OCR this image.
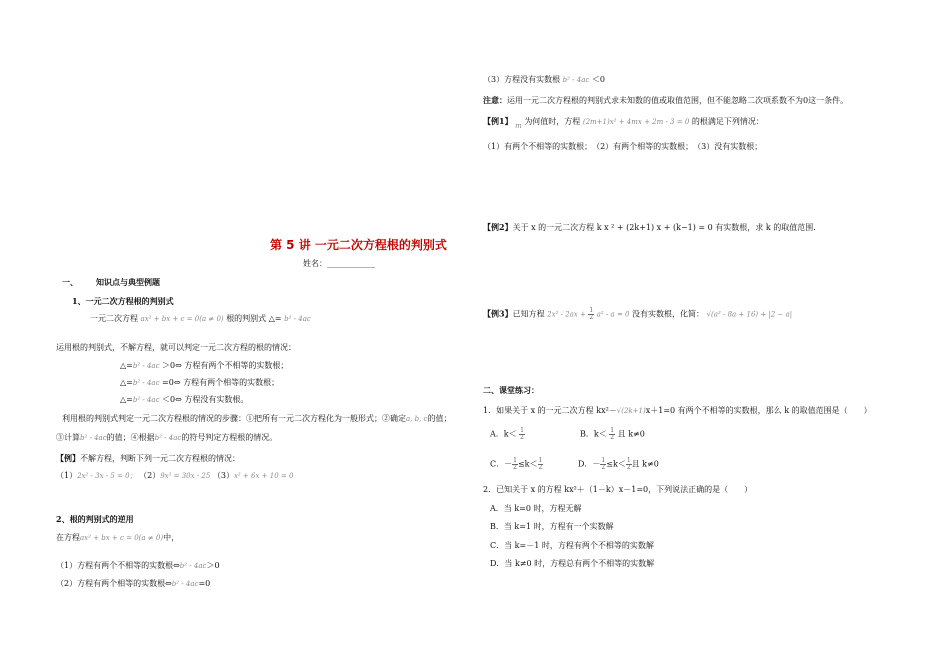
（3）方程没有实数根 b² - 4ac ＜0
注意：运用一元二次方程根的判别式求未知数的值或取值范围，但不能忽略二次项系数不为0这一条件。
【例1】 m 为何值时，方程 (2m+1)x² + 4mx + 2m - 3 = 0 的根满足下列情况：
（1）有两个不相等的实数根；　（2）有两个相等的实数根；　（3）没有实数根；
【例2】关于 x 的一元二次方程 k x ² + (2k+1) x + (k−1) = 0 有实数根，求 k 的取值范围.
【例3】已知方程 $2x^2 - 2ax + \frac{1}{2} a^2 - a = 0$ 没有实数根，化简： √(a² - 8a + 16) + |2 − a|
二、课堂练习：
1．如果关于 x 的一元二次方程 kx²－√(2k+1)x＋1=0 有两个不相等的实数根，那么 k 的取值范围是（　　）
A．$k< \frac{1}{2}$	B．$k< \frac{1}{2}$ 且 k≠0
C．－ $\frac{1}{2} \le k< \frac{1}{2}$	D．－ $\frac{1}{2} \le k< \frac{1}{2}$ 且 k≠0
2．已知关于 x 的方程 kx²＋（1－k）x－1=0，下列说法正确的是（　　）
A．当 k=0 时，方程无解
B．当 k=1 时，方程有一个实数解
C．当 k=－1 时，方程有两个不相等的实数解
D．当 k≠0 时，方程总有两个不相等的实数解
第 5 讲 一元二次方程根的判别式
姓名：____________
一、 知识点与典型例题
1、一元二次方程根的判别式
一元二次方程 ax² + bx + c = 0(a ≠ 0) 根的判别式 △= b² - 4ac
运用根的判别式，不解方程，就可以判定一元二次方程的根的情况：
△=b² - 4ac ＞0⇔ 方程有两个不相等的实数根；
△=b² - 4ac =0⇔ 方程有两个相等的实数根；
△=b² - 4ac ＜0⇔ 方程没有实数根。
利用根的判别式判定一元二次方程根的情况的步骤：①把所有一元二次方程化为一般形式；②确定a, b, c的值；
③计算b² - 4ac的值；④根据b² - 4ac的符号判定方程根的情况。
【例】不解方程，判断下列一元二次方程根的情况：
（1）2x² - 3x - 5 = 0； （2）9x² = 30x - 25 （3）x² + 6x + 10 = 0
2、根的判别式的逆用
在方程ax² + bx + c = 0(a ≠ 0)中，
（1）方程有两个不相等的实数根⇔b² - 4ac＞0
（2）方程有两个相等的实数根⇔b² - 4ac=0
